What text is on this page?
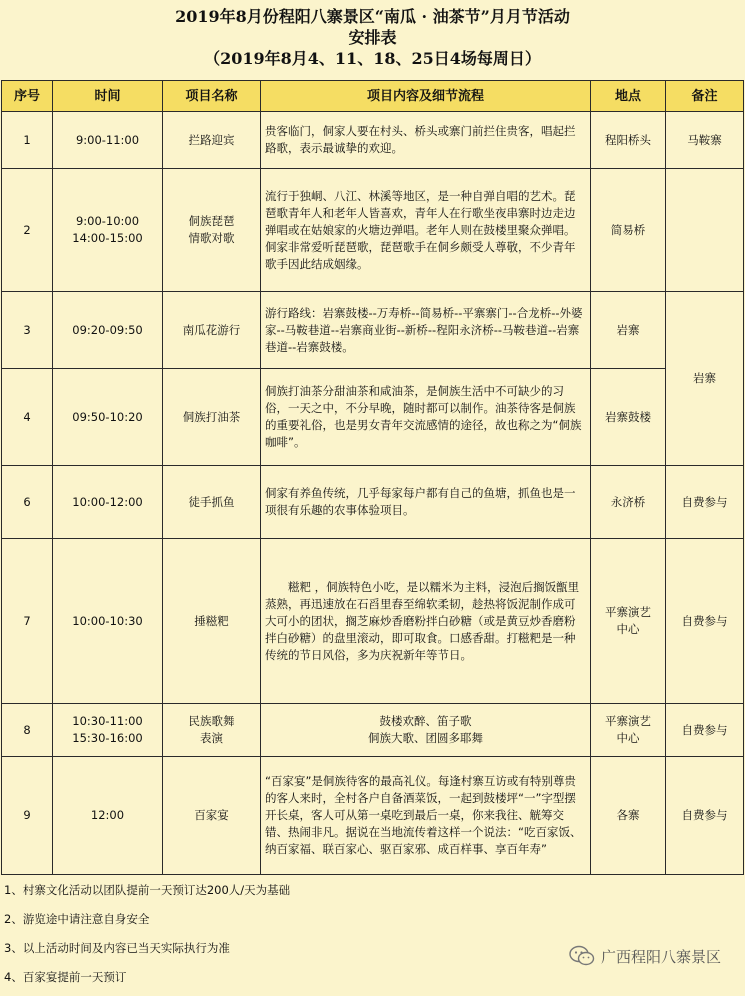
2019年8月份程阳八寨景区“南瓜 · 油茶节”月月节活动
安排表
（2019年8月4、11、18、25日4场每周日）
序号	时间	项目名称	项目内容及细节流程	地点	备注
1	9:00-11:00	拦路迎宾	贵客临门，侗家人要在村头、桥头或寨门前拦住贵客，唱起拦路歌，表示最诚挚的欢迎。	程阳桥头	马鞍寨
2	9:00-10:00
14:00-15:00	侗族琵琶
情歌对歌	流行于独峒、八江、林溪等地区，是一种自弹自唱的艺术。琵琶歌青年人和老年人皆喜欢，青年人在行歌坐夜串寨时边走边弹唱或在姑娘家的火塘边弹唱。老年人则在鼓楼里聚众弹唱。侗家非常爱听琵琶歌，琵琶歌手在侗乡颇受人尊敬，不少青年歌手因此结成姻缘。	简易桥	
3	09:20-09:50	南瓜花游行	游行路线：岩寨鼓楼--万寿桥--简易桥--平寨寨门--合龙桥--外婆家--马鞍巷道--岩寨商业街--新桥--程阳永济桥--马鞍巷道--岩寨巷道--岩寨鼓楼。	岩寨	岩寨
4	09:50-10:20	侗族打油茶	侗族打油茶分甜油茶和咸油茶，是侗族生活中不可缺少的习俗，一天之中，不分早晚，随时都可以制作。油茶待客是侗族的重要礼俗，也是男女青年交流感情的途径，故也称之为“侗族咖啡”。	岩寨鼓楼	
6	10:00-12:00	徒手抓鱼	侗家有养鱼传统，几乎每家每户都有自己的鱼塘，抓鱼也是一项很有乐趣的农事体验项目。	永济桥	自费参与
7	10:00-10:30	捶糍粑	　　糍粑 ，侗族特色小吃，是以糯米为主料，浸泡后搁饭甑里蒸熟，再迅速放在石舀里舂至绵软柔韧，趁热将饭泥制作成可大可小的团状，搁芝麻炒香磨粉拌白砂糖（或是黄豆炒香磨粉拌白砂糖）的盘里滚动，即可取食。口感香甜。打糍粑是一种传统的节日风俗，多为庆祝新年等节日。	平寨演艺
中心	自费参与
8	10:30-11:00
15:30-16:00	民族歌舞
表演	鼓楼欢醉、笛子歌
侗族大歌、团圆多耶舞	平寨演艺
中心	自费参与
9	12:00	百家宴	“百家宴”是侗族待客的最高礼仪。每逢村寨互访或有特别尊贵的客人来时，全村各户自备酒菜饭，一起到鼓楼坪“一”字型摆开长桌，客人可从第一桌吃到最后一桌，你来我往、觥筹交错、热闹非凡。据说在当地流传着这样一个说法：“吃百家饭、纳百家福、联百家心、驱百家邪、成百样事、享百年寿”	各寨	自费参与
1、村寨文化活动以团队提前一天预订达200人/天为基础
2、游览途中请注意自身安全
3、以上活动时间及内容已当天实际执行为准
4、百家宴提前一天预订
广西程阳八寨景区
